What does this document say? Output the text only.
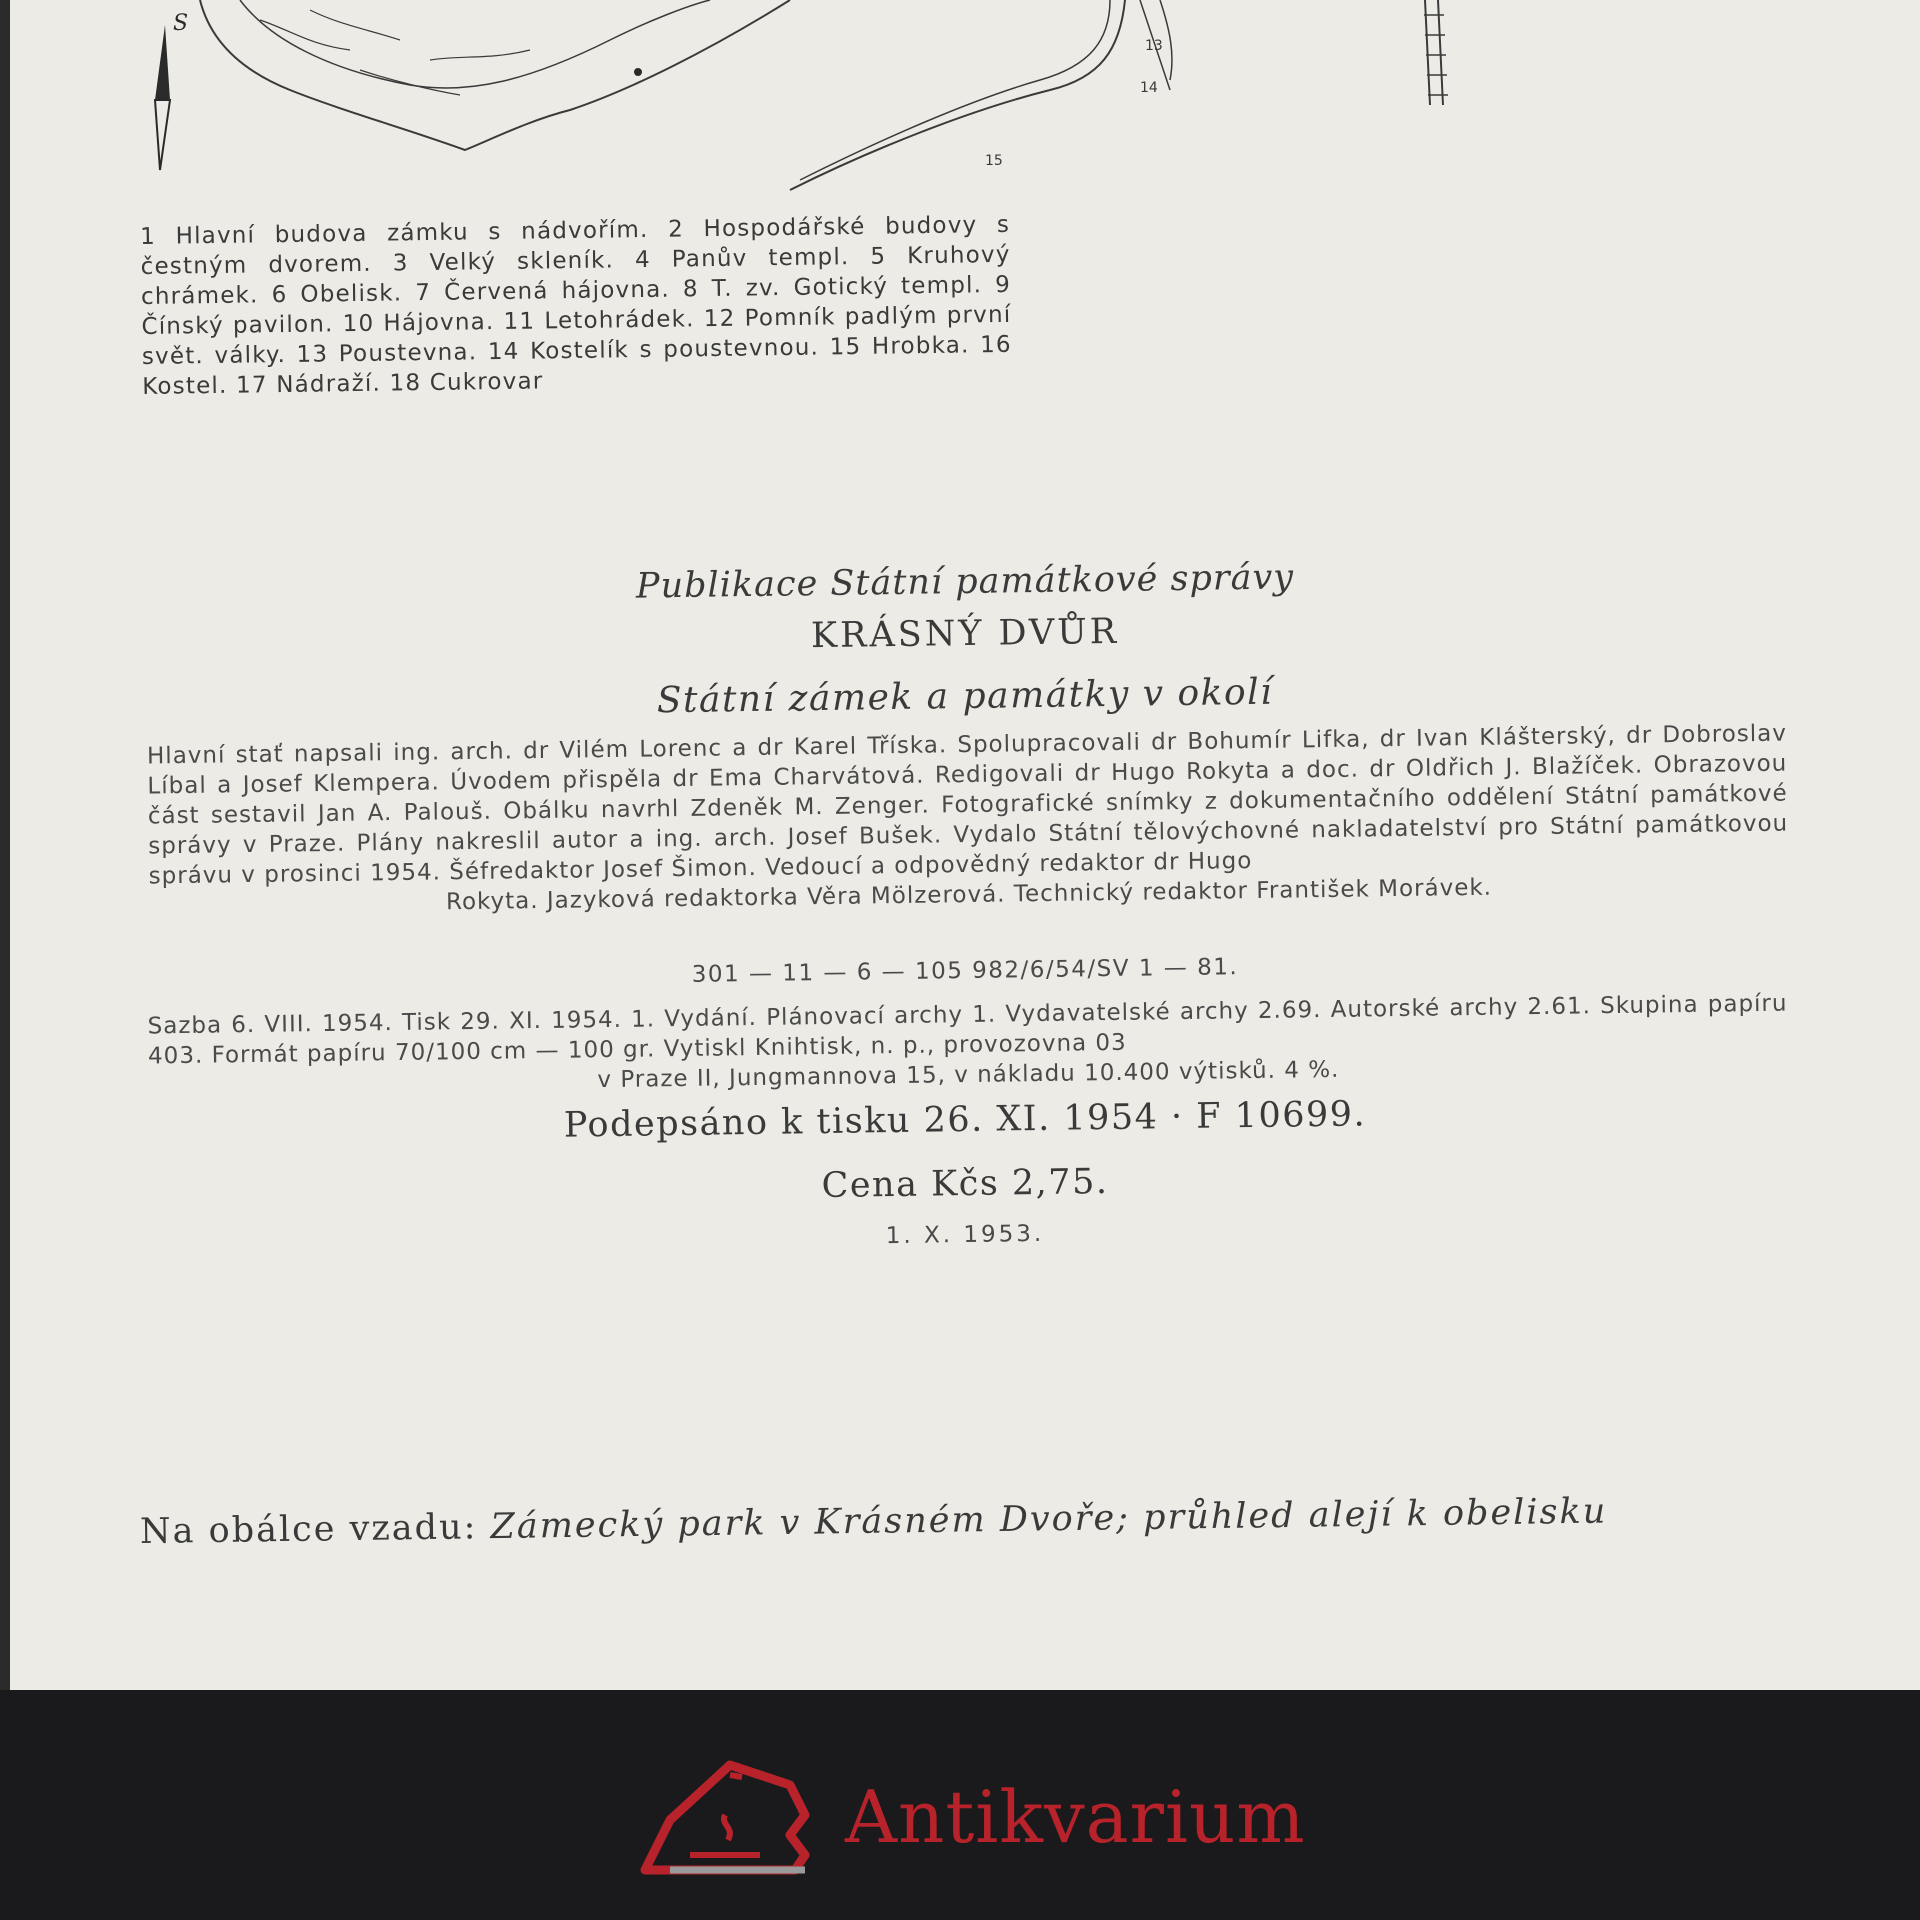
S
13
14
15
1 Hlavní budova zámku s nádvořím. 2 Hospodářské budovy s čestným dvorem. 3 Velký skleník. 4 Panův templ. 5 Kruhový chrámek. 6 Obelisk. 7 Červená hájovna. 8 T. zv. Gotický templ. 9 Čínský pavilon. 10 Hájovna. 11 Letohrádek. 12 Pomník padlým první svět. války. 13 Poustevna. 14 Kostelík s poustevnou. 15 Hrobka. 16 Kostel. 17 Nádraží. 18 Cukrovar
Publikace Státní památkové správy
KRÁSNÝ DVŮR
Státní zámek a památky v okolí
Hlavní stať napsali ing. arch. dr Vilém Lorenc a dr Karel Tříska. Spolupracovali dr Bohumír Lifka, dr Ivan Klášterský, dr Dobroslav Líbal a Josef Klempera. Úvodem přispěla dr Ema Charvátová. Redigovali dr Hugo Rokyta a doc. dr Oldřich J. Blažíček. Obrazovou část sestavil Jan A. Palouš. Obálku navrhl Zdeněk M. Zenger. Fotografické snímky z dokumentačního oddělení Státní památkové správy v Praze. Plány nakreslil autor a ing. arch. Josef Bušek. Vydalo Státní tělovýchovné nakladatelství pro Státní památkovou správu v prosinci 1954. Šéfredaktor Josef Šimon. Vedoucí a odpovědný redaktor dr Hugo
Rokyta. Jazyková redaktorka Věra Mölzerová. Technický redaktor František Morávek.
301 — 11 — 6 — 105 982/6/54/SV 1 — 81.
Sazba 6. VIII. 1954. Tisk 29. XI. 1954. 1. Vydání. Plánovací archy 1. Vydavatelské archy 2.69. Autorské archy 2.61. Skupina papíru 403. Formát papíru 70/100 cm — 100 gr. Vytiskl Knihtisk, n. p., provozovna 03
v Praze II, Jungmannova 15, v nákladu 10.400 výtisků. 4 %.
Podepsáno k tisku 26. XI. 1954 · F 10699.
Cena Kčs 2,75.
1. X. 1953.
Na obálce vzadu: Zámecký park v Krásném Dvoře; průhled alejí k obelisku
Antikvarium
